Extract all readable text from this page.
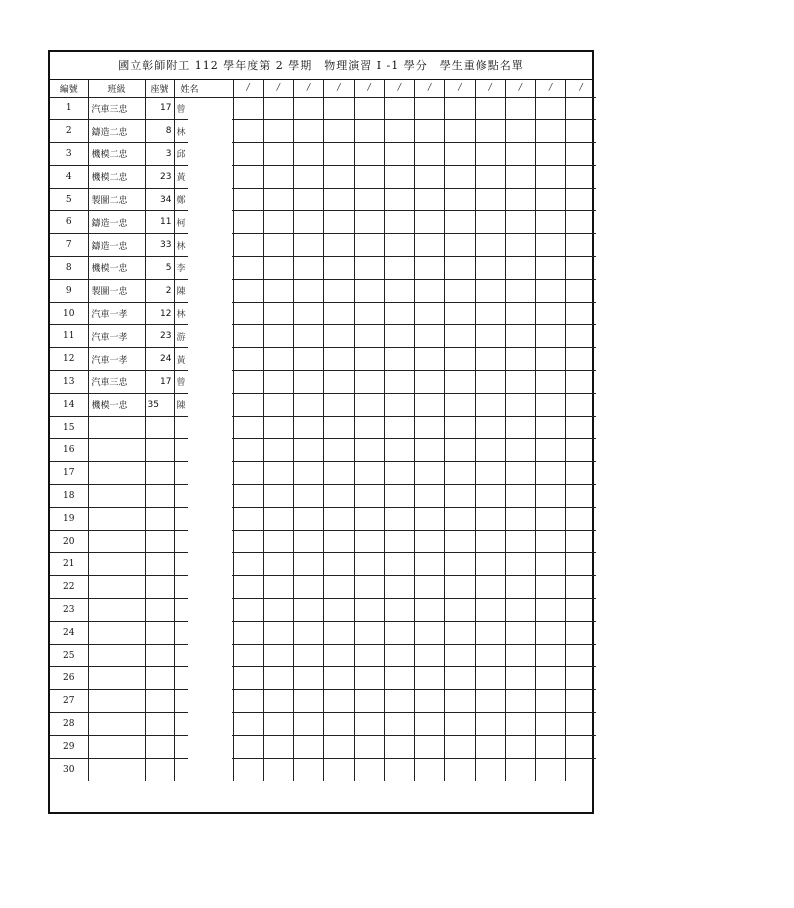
國立彰師附工 112 學年度第 2 學期　物理演習 I -1 學分　學生重修點名單
編號	班級	座號	姓名	/	/	/	/	/	/	/	/	/	/	/	/
1	汽車三忠	17	曾												
2	鑄造二忠	8	林												
3	機模二忠	3	邱												
4	機模二忠	23	黃												
5	製圖二忠	34	鄭												
6	鑄造一忠	11	柯												
7	鑄造一忠	33	林												
8	機模一忠	5	李												
9	製圖一忠	2	陳												
10	汽車一孝	12	林												
11	汽車一孝	23	游												
12	汽車一孝	24	黃												
13	汽車三忠	17	曾												
14	機模一忠	35	陳												
15															
16															
17															
18															
19															
20															
21															
22															
23															
24															
25															
26															
27															
28															
29															
30															
